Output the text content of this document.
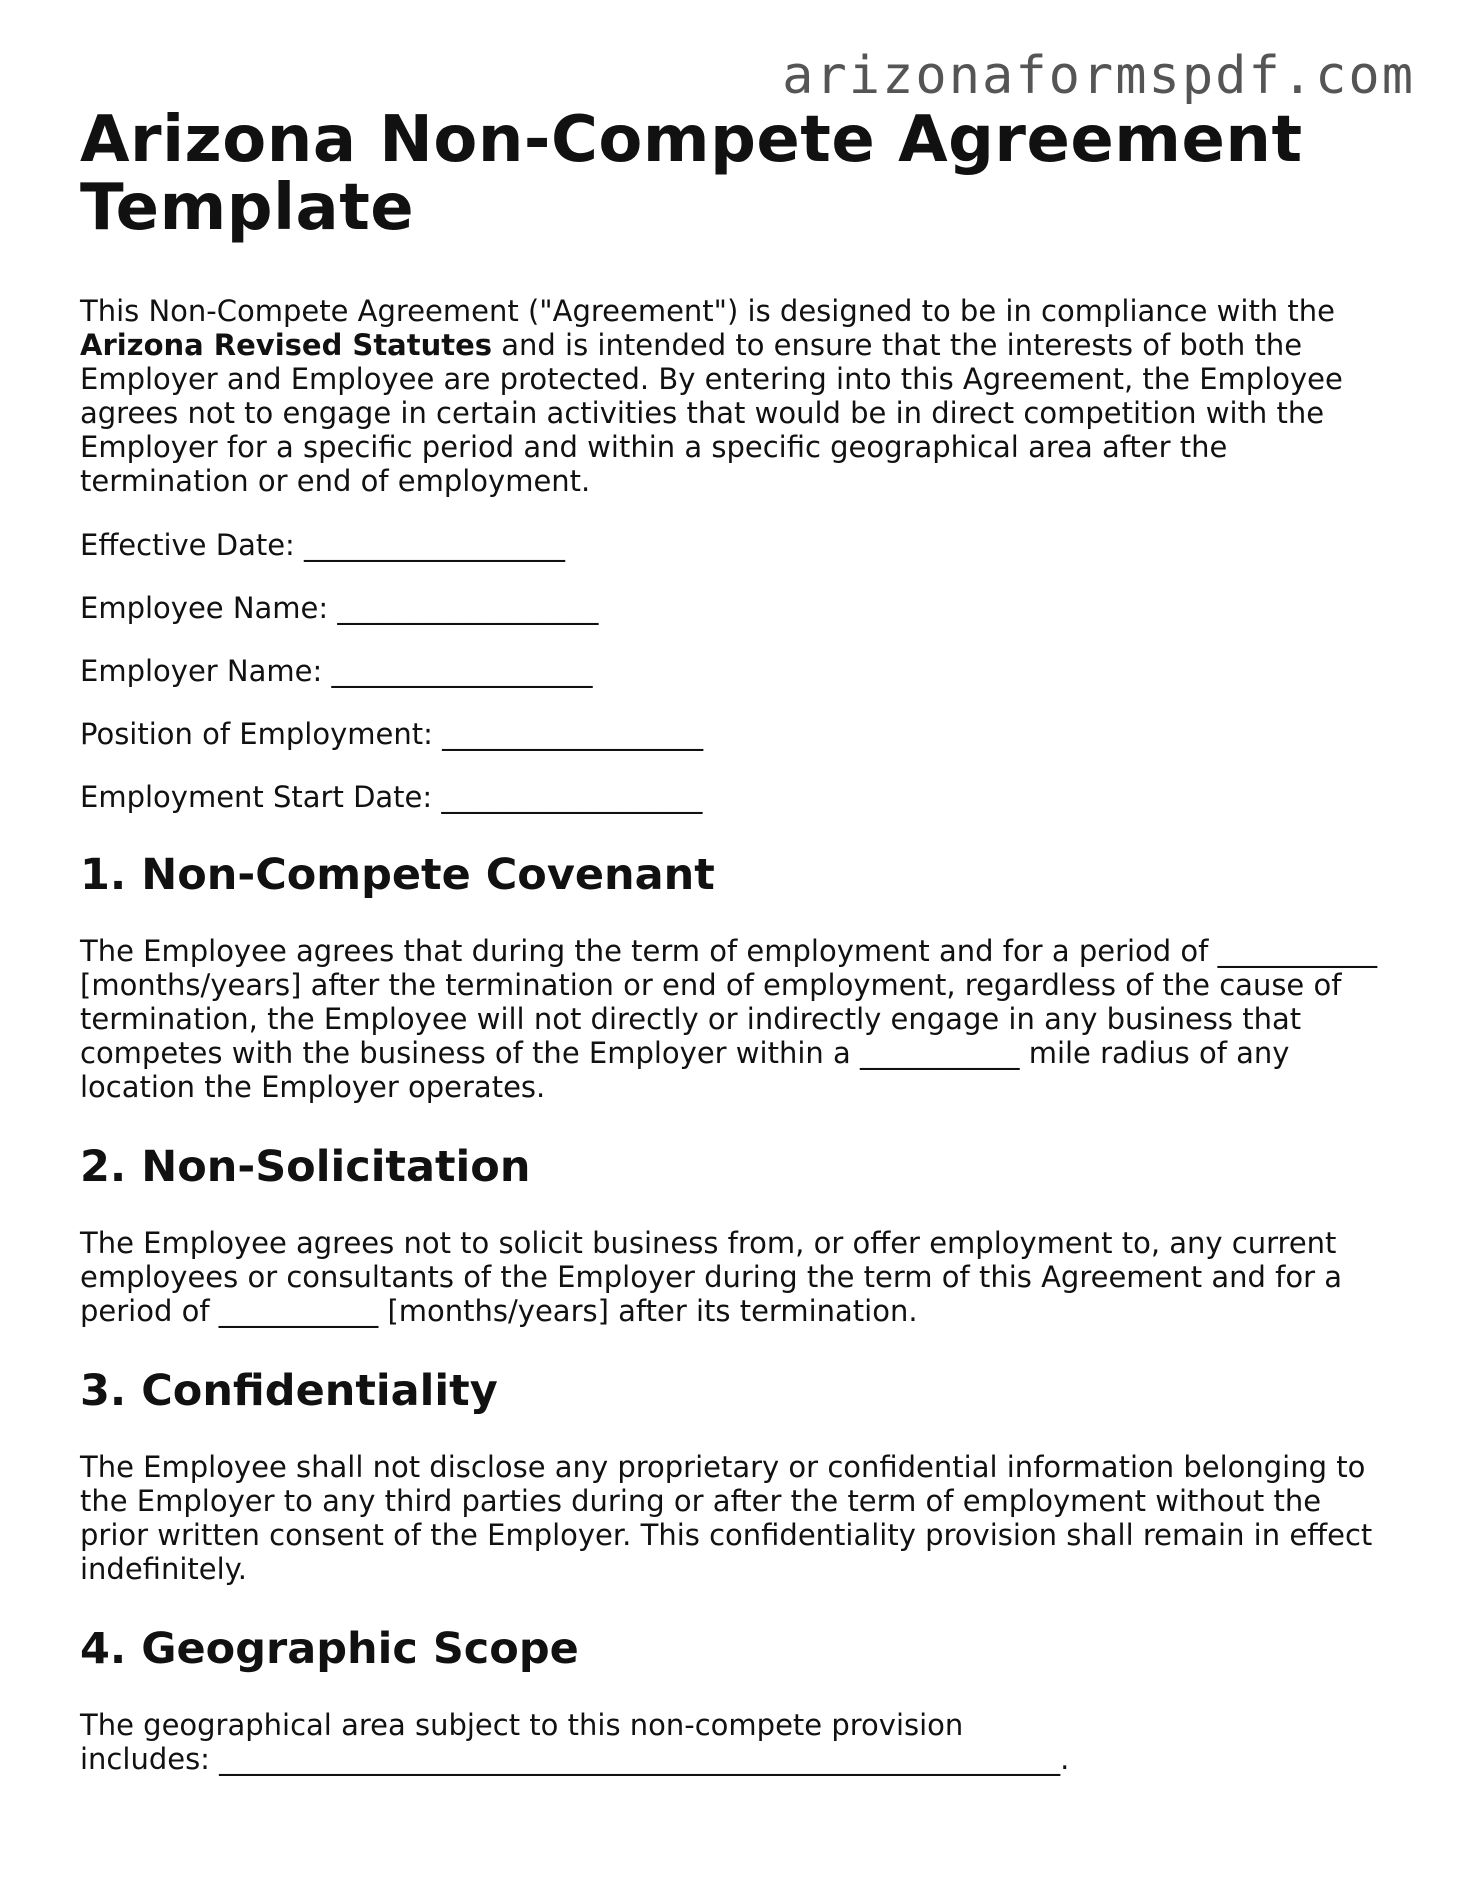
arizonaformspdf.com
Arizona Non-Compete Agreement Template

This Non-Compete Agreement ("Agreement") is designed to be in compliance with the Arizona Revised Statutes and is intended to ensure that the interests of both the Employer and Employee are protected. By entering into this Agreement, the Employee agrees not to engage in certain activities that would be in direct competition with the Employer for a specific period and within a specific geographical area after the termination or end of employment.

Effective Date: __________________
Employee Name: __________________
Employer Name: __________________
Position of Employment: __________________
Employment Start Date: __________________
1. Non-Compete Covenant

The Employee agrees that during the term of employment and for a period of ___________ [months/years] after the termination or end of employment, regardless of the cause of termination, the Employee will not directly or indirectly engage in any business that competes with the business of the Employer within a ___________ mile radius of any location the Employer operates.

2. Non-Solicitation

The Employee agrees not to solicit business from, or offer employment to, any current employees or consultants of the Employer during the term of this Agreement and for a period of ___________ [months/years] after its termination.

3. Confidentiality

The Employee shall not disclose any proprietary or confidential information belonging to the Employer to any third parties during or after the term of employment without the prior written consent of the Employer. This confidentiality provision shall remain in effect indefinitely.

4. Geographic Scope

The geographical area subject to this non-compete provision includes: __________________________________________________________.
